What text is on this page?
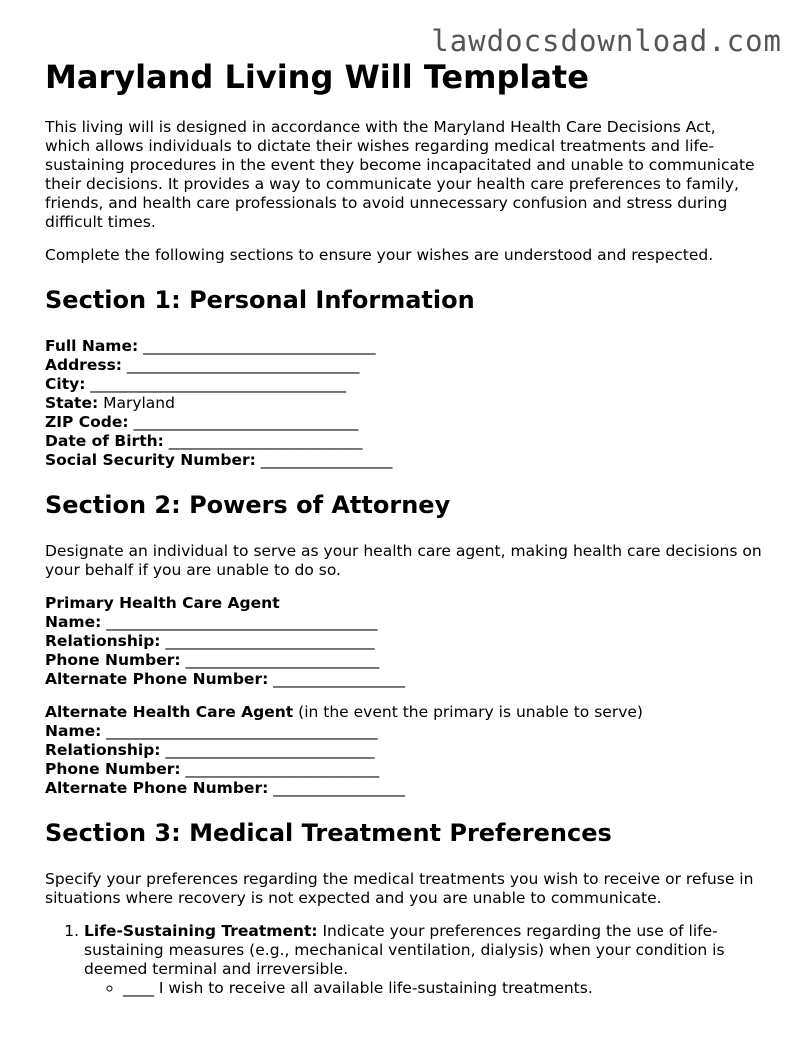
lawdocsdownload.com
Maryland Living Will Template

This living will is designed in accordance with the Maryland Health Care Decisions Act, which allows individuals to dictate their wishes regarding medical treatments and life-sustaining procedures in the event they become incapacitated and unable to communicate their decisions. It provides a way to communicate your health care preferences to family, friends, and health care professionals to avoid unnecessary confusion and stress during difficult times.

Complete the following sections to ensure your wishes are understood and respected.

Section 1: Personal Information
Full Name: ______________________________
Address: ______________________________
City: _________________________________
State: Maryland
ZIP Code: _____________________________
Date of Birth: _________________________
Social Security Number: _________________
Section 2: Powers of Attorney

Designate an individual to serve as your health care agent, making health care decisions on your behalf if you are unable to do so.

Primary Health Care Agent
Name: ___________________________________
Relationship: ___________________________
Phone Number: _________________________
Alternate Phone Number: _________________
Alternate Health Care Agent (in the event the primary is unable to serve)
Name: ___________________________________
Relationship: ___________________________
Phone Number: _________________________
Alternate Phone Number: _________________
Section 3: Medical Treatment Preferences

Specify your preferences regarding the medical treatments you wish to receive or refuse in situations where recovery is not expected and you are unable to communicate.

1. Life-Sustaining Treatment: Indicate your preferences regarding the use of life-sustaining measures (e.g., mechanical ventilation, dialysis) when your condition is deemed terminal and irreversible.
◦ ____ I wish to receive all available life-sustaining treatments.
